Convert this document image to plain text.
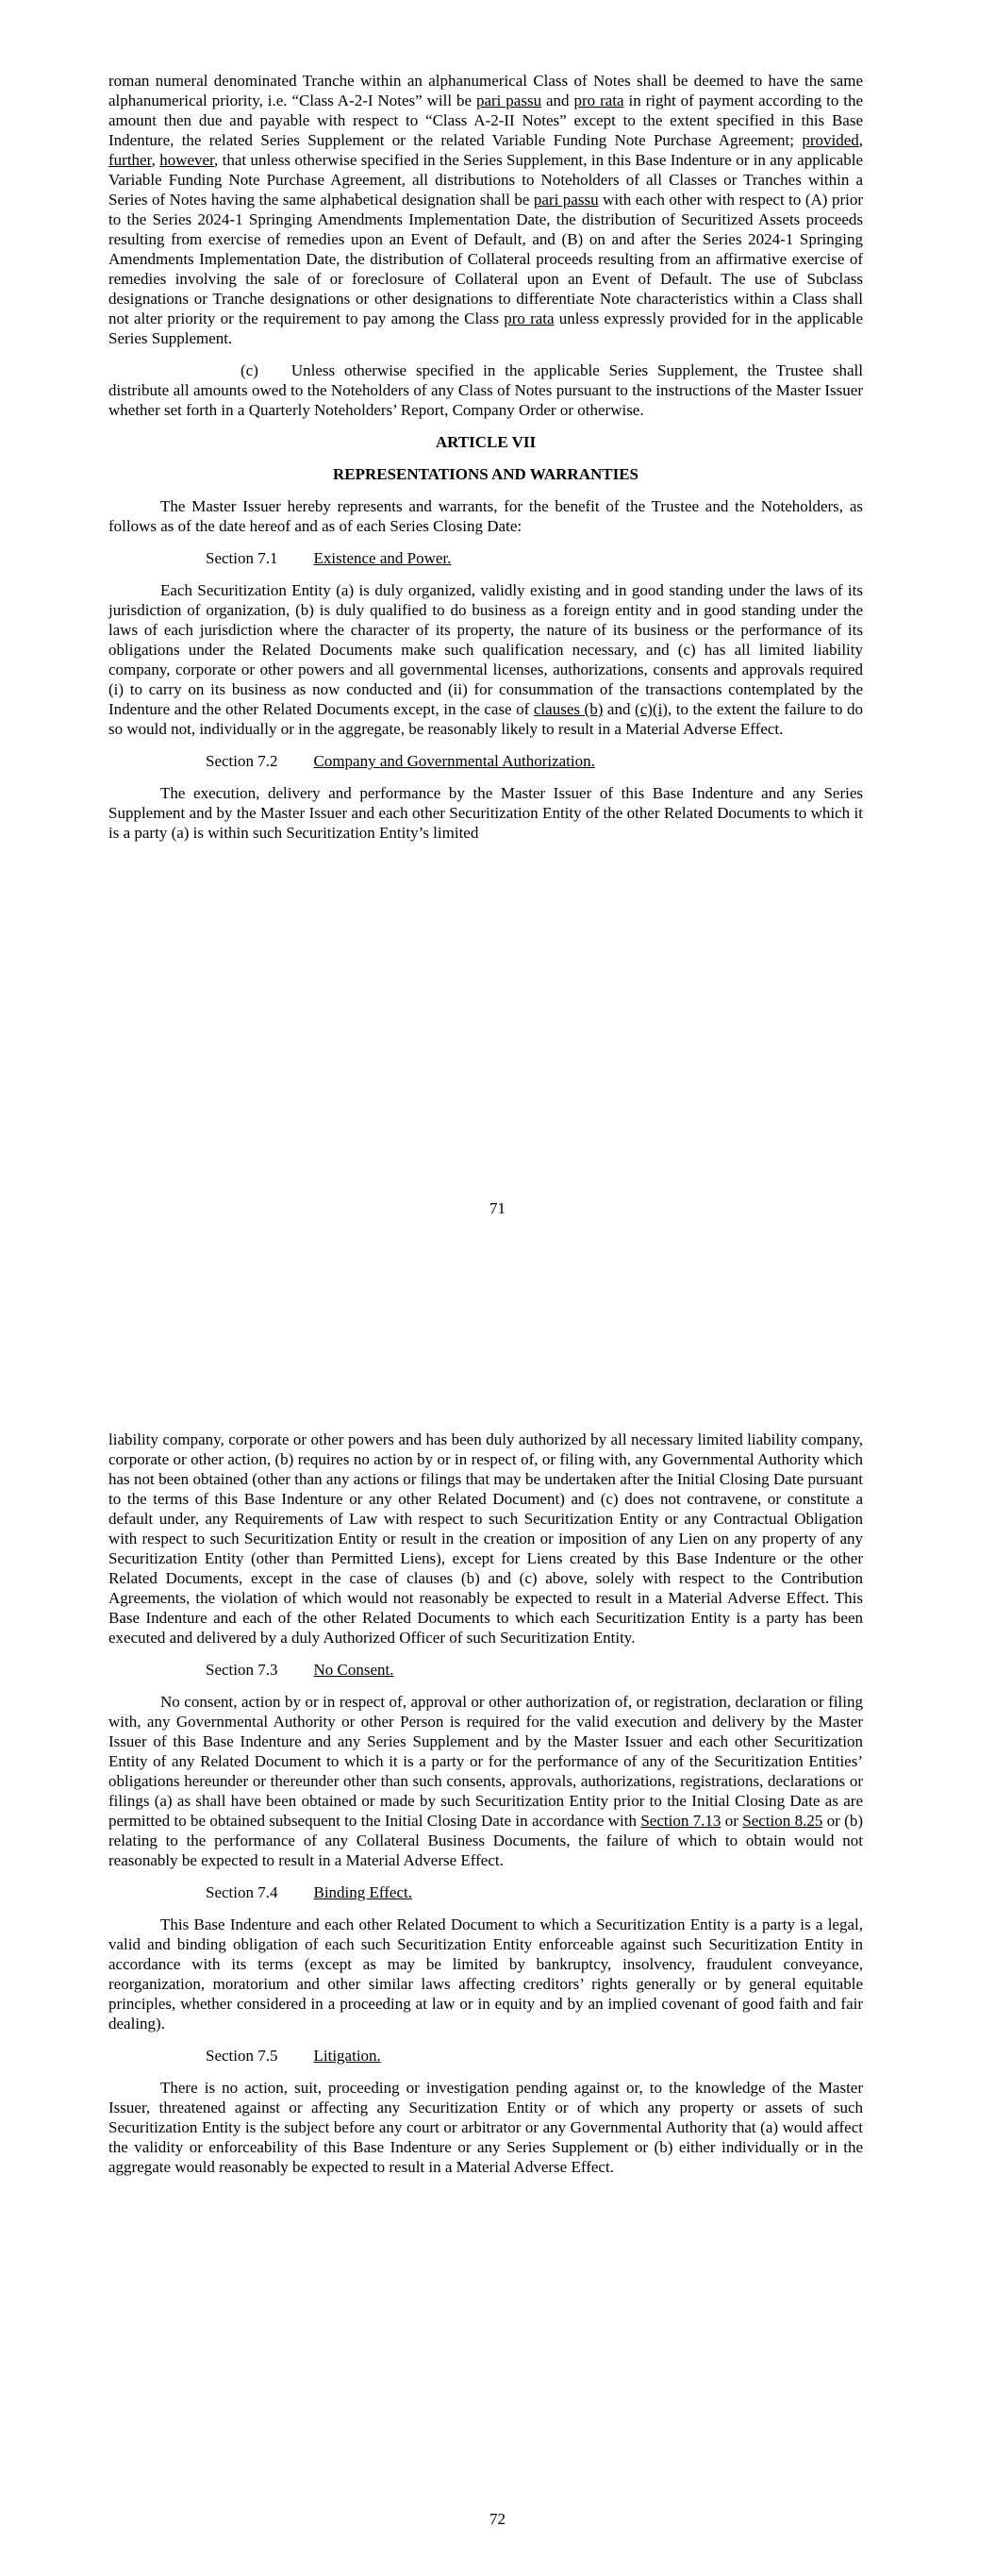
roman numeral denominated Tranche within an alphanumerical Class of Notes shall be deemed to have the same alphanumerical priority, i.e. “Class A-2-I Notes” will be pari passu and pro rata in right of payment according to the amount then due and payable with respect to “Class A-2-II Notes” except to the extent specified in this Base Indenture, the related Series Supplement or the related Variable Funding Note Purchase Agreement; provided, further, however, that unless otherwise specified in the Series Supplement, in this Base Indenture or in any applicable Variable Funding Note Purchase Agreement, all distributions to Noteholders of all Classes or Tranches within a Series of Notes having the same alphabetical designation shall be pari passu with each other with respect to (A) prior to the Series 2024-1 Springing Amendments Implementation Date, the distribution of Securitized Assets proceeds resulting from exercise of remedies upon an Event of Default, and (B) on and after the Series 2024-1 Springing Amendments Implementation Date, the distribution of Collateral proceeds resulting from an affirmative exercise of remedies involving the sale of or foreclosure of Collateral upon an Event of Default. The use of Subclass designations or Tranche designations or other designations to differentiate Note characteristics within a Class shall not alter priority or the requirement to pay among the Class pro rata unless expressly provided for in the applicable Series Supplement.

(c) Unless otherwise specified in the applicable Series Supplement, the Trustee shall distribute all amounts owed to the Noteholders of any Class of Notes pursuant to the instructions of the Master Issuer whether set forth in a Quarterly Noteholders’ Report, Company Order or otherwise.

ARTICLE VII

REPRESENTATIONS AND WARRANTIES

The Master Issuer hereby represents and warrants, for the benefit of the Trustee and the Noteholders, as follows as of the date hereof and as of each Series Closing Date:

Section 7.1 Existence and Power.

Each Securitization Entity (a) is duly organized, validly existing and in good standing under the laws of its jurisdiction of organization, (b) is duly qualified to do business as a foreign entity and in good standing under the laws of each jurisdiction where the character of its property, the nature of its business or the performance of its obligations under the Related Documents make such qualification necessary, and (c) has all limited liability company, corporate or other powers and all governmental licenses, authorizations, consents and approvals required (i) to carry on its business as now conducted and (ii) for consummation of the transactions contemplated by the Indenture and the other Related Documents except, in the case of clauses (b) and (c)(i), to the extent the failure to do so would not, individually or in the aggregate, be reasonably likely to result in a Material Adverse Effect.

Section 7.2 Company and Governmental Authorization.

The execution, delivery and performance by the Master Issuer of this Base Indenture and any Series Supplement and by the Master Issuer and each other Securitization Entity of the other Related Documents to which it is a party (a) is within such Securitization Entity’s limited

71

liability company, corporate or other powers and has been duly authorized by all necessary limited liability company, corporate or other action, (b) requires no action by or in respect of, or filing with, any Governmental Authority which has not been obtained (other than any actions or filings that may be undertaken after the Initial Closing Date pursuant to the terms of this Base Indenture or any other Related Document) and (c) does not contravene, or constitute a default under, any Requirements of Law with respect to such Securitization Entity or any Contractual Obligation with respect to such Securitization Entity or result in the creation or imposition of any Lien on any property of any Securitization Entity (other than Permitted Liens), except for Liens created by this Base Indenture or the other Related Documents, except in the case of clauses (b) and (c) above, solely with respect to the Contribution Agreements, the violation of which would not reasonably be expected to result in a Material Adverse Effect. This Base Indenture and each of the other Related Documents to which each Securitization Entity is a party has been executed and delivered by a duly Authorized Officer of such Securitization Entity.

Section 7.3 No Consent.

No consent, action by or in respect of, approval or other authorization of, or registration, declaration or filing with, any Governmental Authority or other Person is required for the valid execution and delivery by the Master Issuer of this Base Indenture and any Series Supplement and by the Master Issuer and each other Securitization Entity of any Related Document to which it is a party or for the performance of any of the Securitization Entities’ obligations hereunder or thereunder other than such consents, approvals, authorizations, registrations, declarations or filings (a) as shall have been obtained or made by such Securitization Entity prior to the Initial Closing Date as are permitted to be obtained subsequent to the Initial Closing Date in accordance with Section 7.13 or Section 8.25 or (b) relating to the performance of any Collateral Business Documents, the failure of which to obtain would not reasonably be expected to result in a Material Adverse Effect.

Section 7.4 Binding Effect.

This Base Indenture and each other Related Document to which a Securitization Entity is a party is a legal, valid and binding obligation of each such Securitization Entity enforceable against such Securitization Entity in accordance with its terms (except as may be limited by bankruptcy, insolvency, fraudulent conveyance, reorganization, moratorium and other similar laws affecting creditors’ rights generally or by general equitable principles, whether considered in a proceeding at law or in equity and by an implied covenant of good faith and fair dealing).

Section 7.5 Litigation.

There is no action, suit, proceeding or investigation pending against or, to the knowledge of the Master Issuer, threatened against or affecting any Securitization Entity or of which any property or assets of such Securitization Entity is the subject before any court or arbitrator or any Governmental Authority that (a) would affect the validity or enforceability of this Base Indenture or any Series Supplement or (b) either individually or in the aggregate would reasonably be expected to result in a Material Adverse Effect.

72
